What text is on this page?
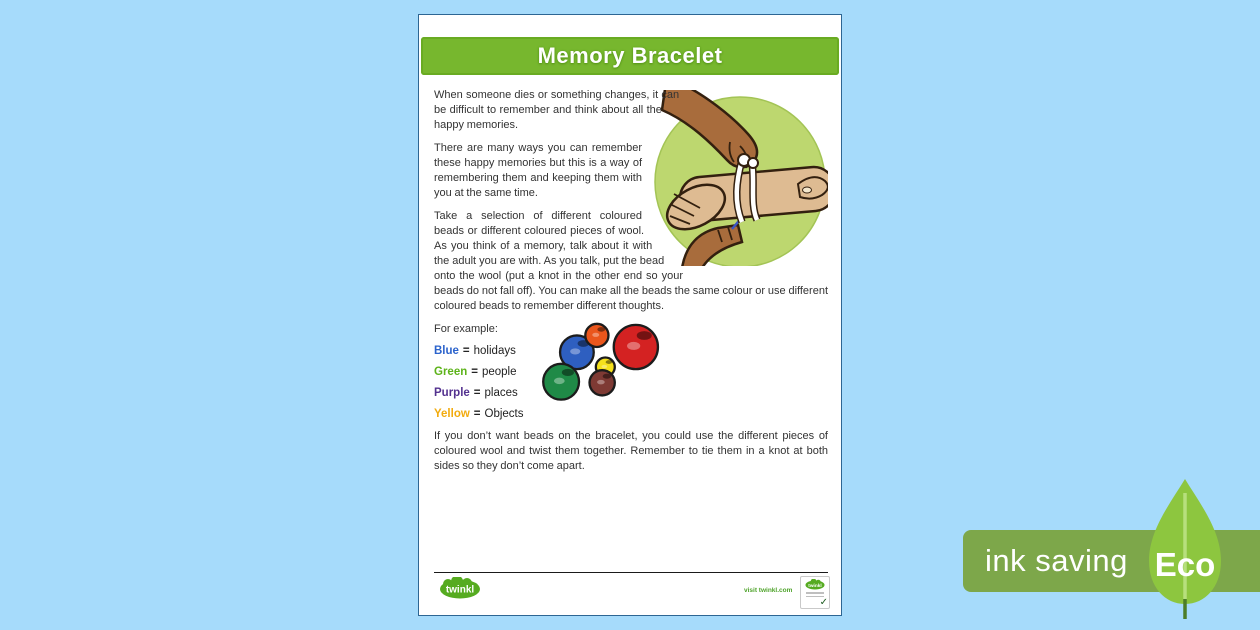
Memory Bracelet

When someone dies or something changes, it can be difficult to remember and think about all the happy memories.

There are many ways you can remember these happy memories but this is a way of remembering them and keeping them with you at the same time.

Take a selection of different coloured beads or different coloured pieces of wool. As you think of a memory, talk about it with the adult you are with. As you talk, put the bead onto the wool (put a knot in the other end so your beads do not fall off). You can make all the beads the same colour or use different coloured beads to remember different thoughts.

For example:

Blue = holidays
Green = people
Purple = places
Yellow = Objects

If you don’t want beads on the bracelet, you could use the different pieces of coloured wool and twist them together. Remember to tie them in a knot at both sides so they don’t come apart.

twinkl	visit twinkl.com
twinkl
✓
ink saving Eco
